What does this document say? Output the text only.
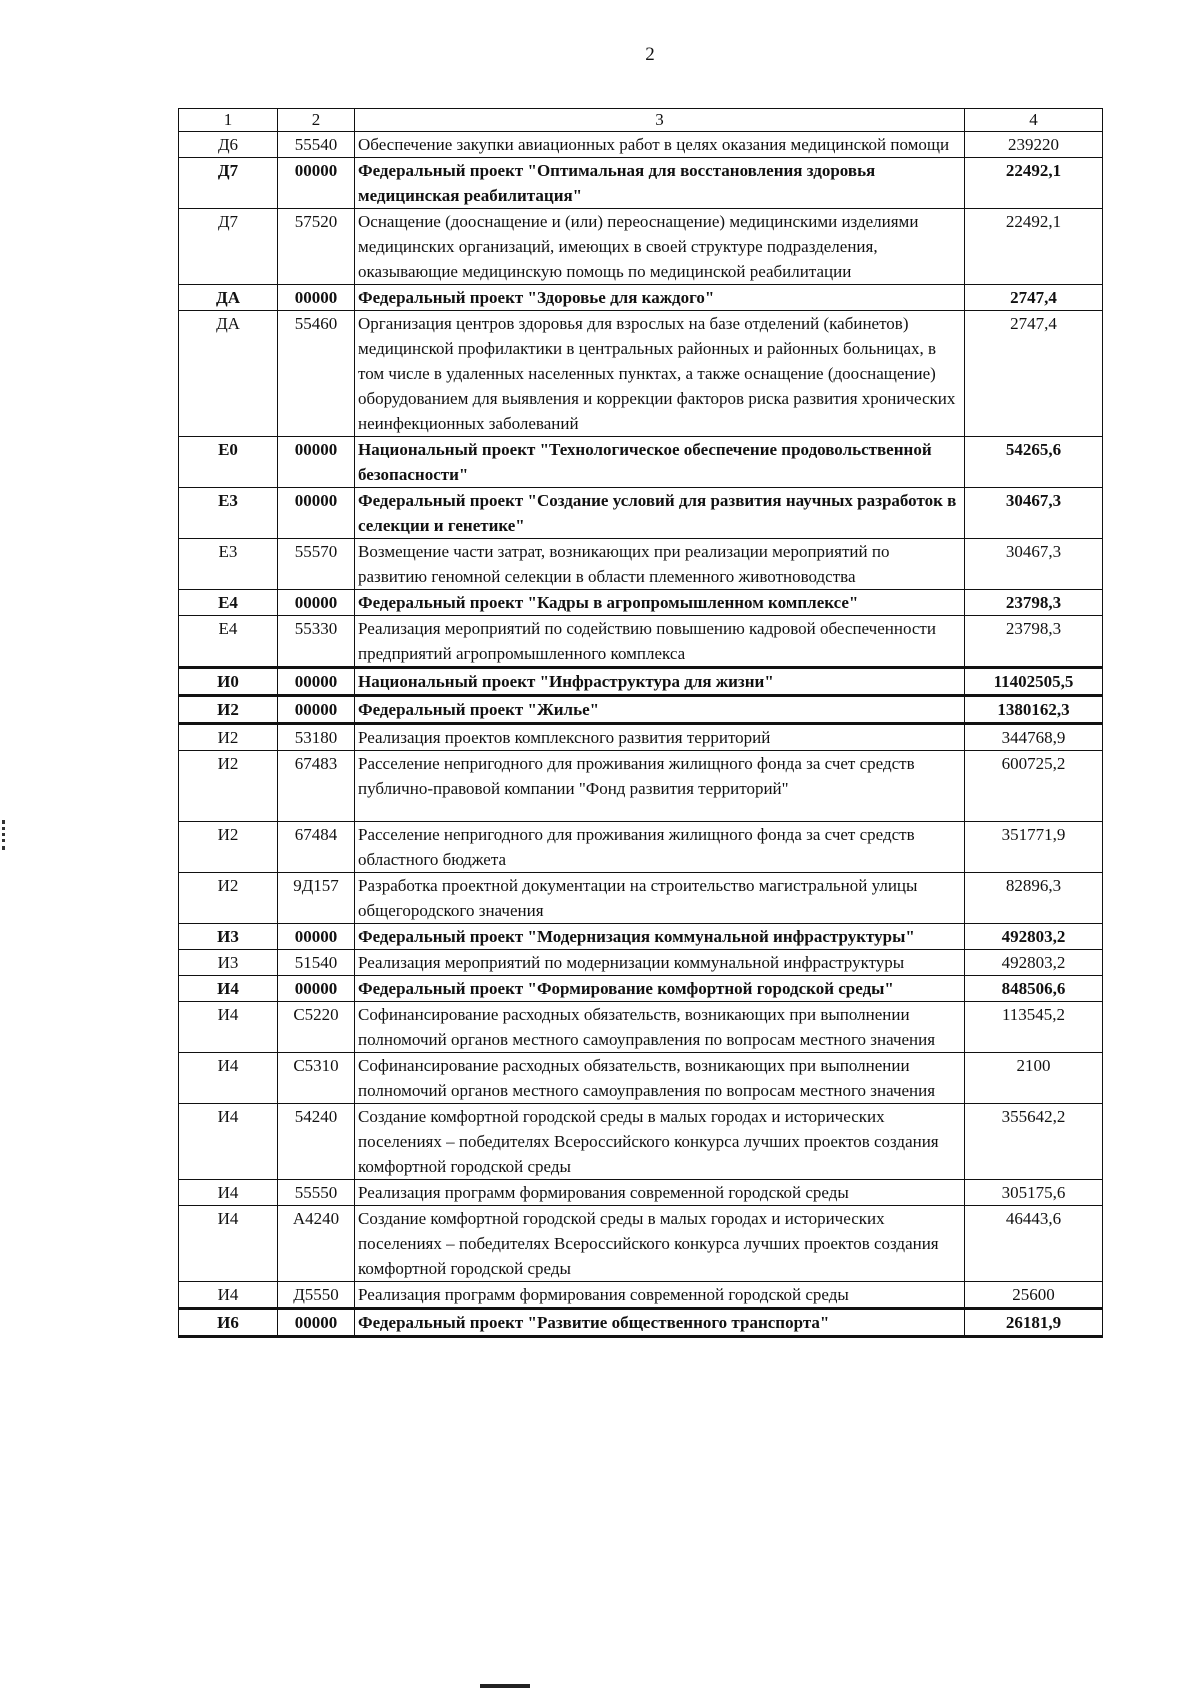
2
1	2	3	4
Д6	55540	Обеспечение закупки авиационных работ в целях оказания медицинской помощи	239220
Д7	00000	Федеральный проект "Оптимальная для восстановления здоровья медицинская реабилитация"	22492,1
Д7	57520	Оснащение (дооснащение и (или) переоснащение) медицинскими изделиями медицинских организаций, имеющих в своей структуре подразделения, оказывающие медицинскую помощь по медицинской реабилитации	22492,1
ДА	00000	Федеральный проект "Здоровье для каждого"	2747,4
ДА	55460	Организация центров здоровья для взрослых на базе отделений (кабинетов) медицинской профилактики в центральных районных и районных больницах, в том числе в удаленных населенных пунктах, а также оснащение (дооснащение) оборудованием для выявления и коррекции факторов риска развития хронических неинфекционных заболеваний	2747,4
Е0	00000	Национальный проект "Технологическое обеспечение продовольственной безопасности"	54265,6
Е3	00000	Федеральный проект "Создание условий для развития научных разработок в селекции и генетике"	30467,3
Е3	55570	Возмещение части затрат, возникающих при реализации мероприятий по развитию геномной селекции в области племенного животноводства	30467,3
Е4	00000	Федеральный проект "Кадры в агропромышленном комплексе"	23798,3
Е4	55330	Реализация мероприятий по содействию повышению кадровой обеспеченности предприятий агропромышленного комплекса	23798,3
И0	00000	Национальный проект "Инфраструктура для жизни"	11402505,5
И2	00000	Федеральный проект "Жилье"	1380162,3
И2	53180	Реализация проектов комплексного развития территорий	344768,9
И2	67483	Расселение непригодного для проживания жилищного фонда за счет средств публично-правовой компании "Фонд развития территорий"	600725,2
И2	67484	Расселение непригодного для проживания жилищного фонда за счет средств областного бюджета	351771,9
И2	9Д157	Разработка проектной документации на строительство магистральной улицы общегородского значения	82896,3
И3	00000	Федеральный проект "Модернизация коммунальной инфраструктуры"	492803,2
И3	51540	Реализация мероприятий по модернизации коммунальной инфраструктуры	492803,2
И4	00000	Федеральный проект "Формирование комфортной городской среды"	848506,6
И4	С5220	Софинансирование расходных обязательств, возникающих при выполнении полномочий органов местного самоуправления по вопросам местного значения	113545,2
И4	С5310	Софинансирование расходных обязательств, возникающих при выполнении полномочий органов местного самоуправления по вопросам местного значения	2100
И4	54240	Создание комфортной городской среды в малых городах и исторических поселениях – победителях Всероссийского конкурса лучших проектов создания комфортной городской среды	355642,2
И4	55550	Реализация программ формирования современной городской среды	305175,6
И4	А4240	Создание комфортной городской среды в малых городах и исторических поселениях – победителях Всероссийского конкурса лучших проектов создания комфортной городской среды	46443,6
И4	Д5550	Реализация программ формирования современной городской среды	25600
И6	00000	Федеральный проект "Развитие общественного транспорта"	26181,9
